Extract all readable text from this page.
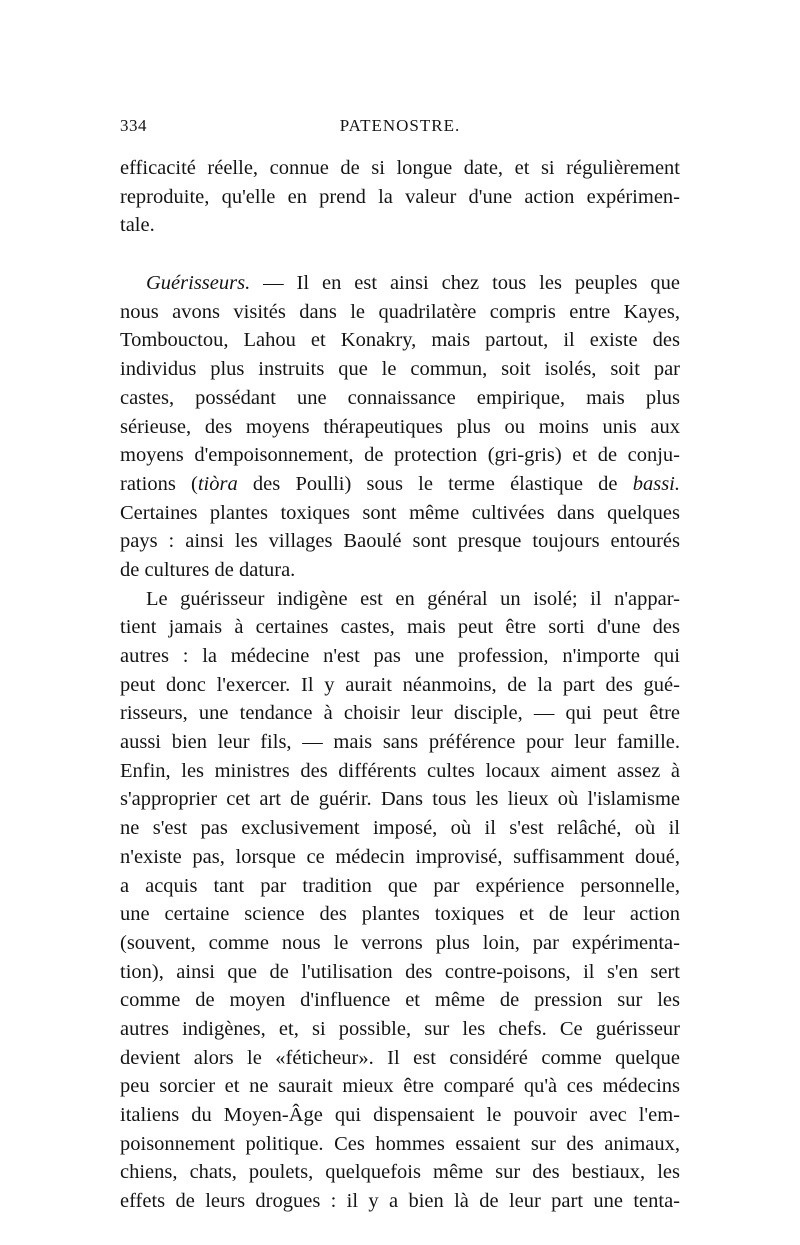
334	PATENOSTRE.
efficacité réelle, connue de si longue date, et si régulièrement
reproduite, qu'elle en prend la valeur d'une action expérimen-
tale.
Guérisseurs. — Il en est ainsi chez tous les peuples que
nous avons visités dans le quadrilatère compris entre Kayes,
Tombouctou, Lahou et Konakry, mais partout, il existe des
individus plus instruits que le commun, soit isolés, soit par
castes, possédant une connaissance empirique, mais plus
sérieuse, des moyens thérapeutiques plus ou moins unis aux
moyens d'empoisonnement, de protection (gri-gris) et de conju-
rations (tiòra des Poulli) sous le terme élastique de bassi.
Certaines plantes toxiques sont même cultivées dans quelques
pays : ainsi les villages Baoulé sont presque toujours entourés
de cultures de datura.
Le guérisseur indigène est en général un isolé; il n'appar-
tient jamais à certaines castes, mais peut être sorti d'une des
autres : la médecine n'est pas une profession, n'importe qui
peut donc l'exercer. Il y aurait néanmoins, de la part des gué-
risseurs, une tendance à choisir leur disciple, — qui peut être
aussi bien leur fils, — mais sans préférence pour leur famille.
Enfin, les ministres des différents cultes locaux aiment assez à
s'approprier cet art de guérir. Dans tous les lieux où l'islamisme
ne s'est pas exclusivement imposé, où il s'est relâché, où il
n'existe pas, lorsque ce médecin improvisé, suffisamment doué,
a acquis tant par tradition que par expérience personnelle,
une certaine science des plantes toxiques et de leur action
(souvent, comme nous le verrons plus loin, par expérimenta-
tion), ainsi que de l'utilisation des contre-poisons, il s'en sert
comme de moyen d'influence et même de pression sur les
autres indigènes, et, si possible, sur les chefs. Ce guérisseur
devient alors le «féticheur». Il est considéré comme quelque
peu sorcier et ne saurait mieux être comparé qu'à ces médecins
italiens du Moyen-Âge qui dispensaient le pouvoir avec l'em-
poisonnement politique. Ces hommes essaient sur des animaux,
chiens, chats, poulets, quelquefois même sur des bestiaux, les
effets de leurs drogues : il y a bien là de leur part une tenta-
